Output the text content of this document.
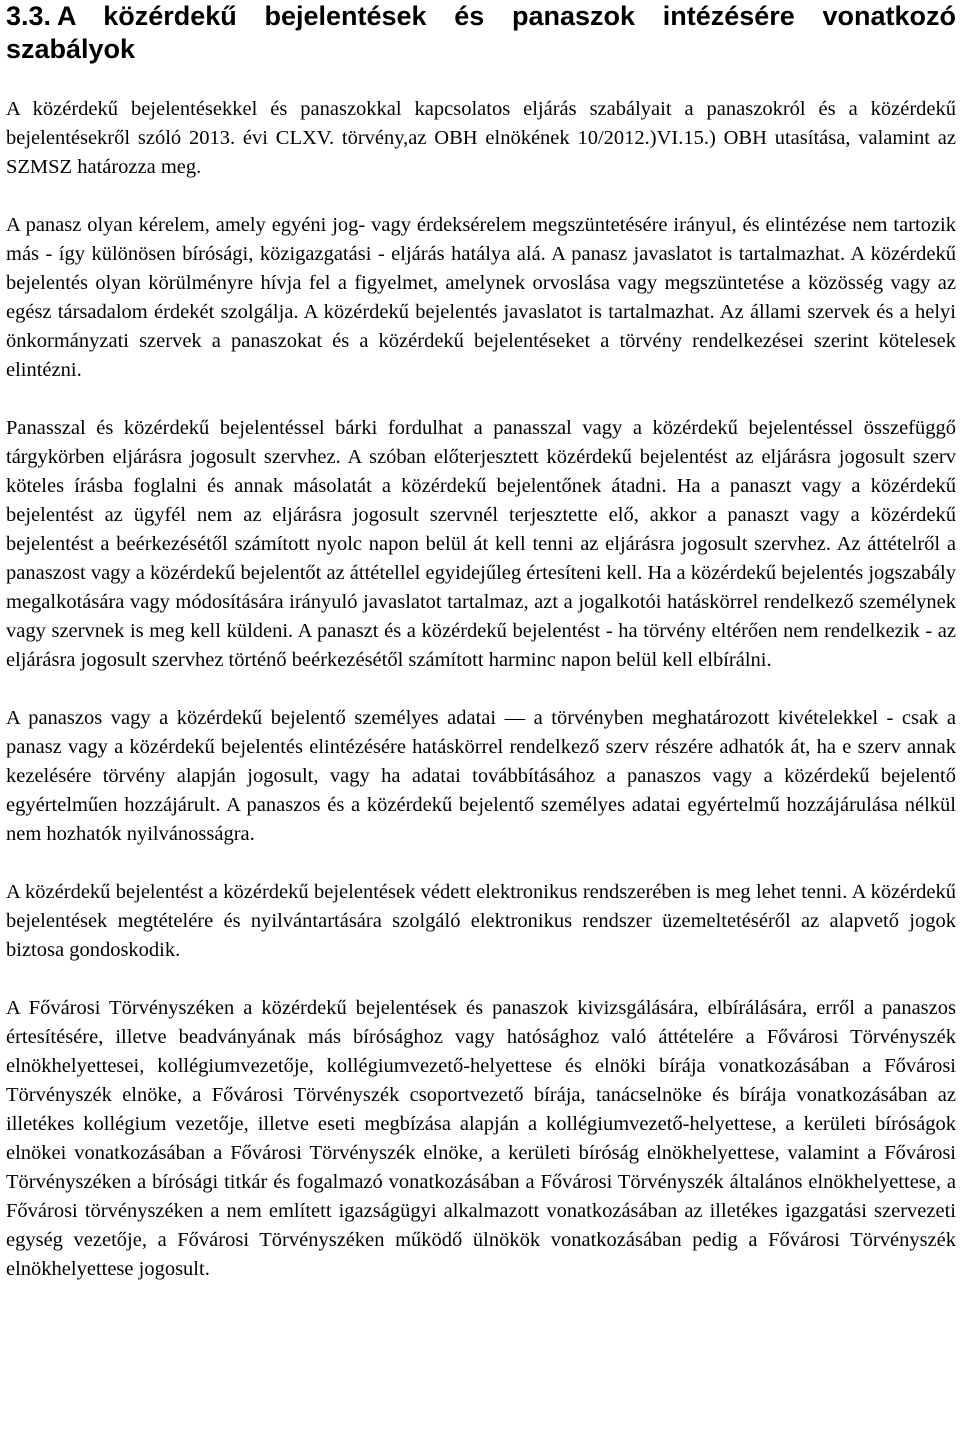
3.3. A közérdekű bejelentések és panaszok intézésére vonatkozó szabályok

A közérdekű bejelentésekkel és panaszokkal kapcsolatos eljárás szabályait a panaszokról és a közérdekű bejelentésekről szóló 2013. évi CLXV. törvény,az OBH elnökének 10/2012.)VI.15.) OBH utasítása, valamint az SZMSZ határozza meg.

A panasz olyan kérelem, amely egyéni jog- vagy érdeksérelem megszüntetésére irányul, és elintézése nem tartozik más - így különösen bírósági, közigazgatási - eljárás hatálya alá. A panasz javaslatot is tartalmazhat. A közérdekű bejelentés olyan körülményre hívja fel a figyelmet, amelynek orvoslása vagy megszüntetése a közösség vagy az egész társadalom érdekét szolgálja. A közérdekű bejelentés javaslatot is tartalmazhat. Az állami szervek és a helyi önkormányzati szervek a panaszokat és a közérdekű bejelentéseket a törvény rendelkezései szerint kötelesek elintézni.

Panasszal és közérdekű bejelentéssel bárki fordulhat a panasszal vagy a közérdekű bejelentéssel összefüggő tárgykörben eljárásra jogosult szervhez. A szóban előterjesztett közérdekű bejelentést az eljárásra jogosult szerv köteles írásba foglalni és annak másolatát a közérdekű bejelentőnek átadni. Ha a panaszt vagy a közérdekű bejelentést az ügyfél nem az eljárásra jogosult szervnél terjesztette elő, akkor a panaszt vagy a közérdekű bejelentést a beérkezésétől számított nyolc napon belül át kell tenni az eljárásra jogosult szervhez. Az áttételről a panaszost vagy a közérdekű bejelentőt az áttétellel egyidejűleg értesíteni kell. Ha a közérdekű bejelentés jogszabály megalkotására vagy módosítására irányuló javaslatot tartalmaz, azt a jogalkotói hatáskörrel rendelkező személynek vagy szervnek is meg kell küldeni. A panaszt és a közérdekű bejelentést - ha törvény eltérően nem rendelkezik - az eljárásra jogosult szervhez történő beérkezésétől számított harminc napon belül kell elbírálni.

A panaszos vagy a közérdekű bejelentő személyes adatai — a törvényben meghatározott kivételekkel - csak a panasz vagy a közérdekű bejelentés elintézésére hatáskörrel rendelkező szerv részére adhatók át, ha e szerv annak kezelésére törvény alapján jogosult, vagy ha adatai továbbításához a panaszos vagy a közérdekű bejelentő egyértelműen hozzájárult. A panaszos és a közérdekű bejelentő személyes adatai egyértelmű hozzájárulása nélkül nem hozhatók nyilvánosságra.

A közérdekű bejelentést a közérdekű bejelentések védett elektronikus rendszerében is meg lehet tenni. A közérdekű bejelentések megtételére és nyilvántartására szolgáló elektronikus rendszer üzemeltetéséről az alapvető jogok biztosa gondoskodik.

A Fővárosi Törvényszéken a közérdekű bejelentések és panaszok kivizsgálására, elbírálására, erről a panaszos értesítésére, illetve beadványának más bírósághoz vagy hatósághoz való áttételére a Fővárosi Törvényszék elnökhelyettesei, kollégiumvezetője, kollégiumvezető-helyettese és elnöki bírája vonatkozásában a Fővárosi Törvényszék elnöke, a Fővárosi Törvényszék csoportvezető bírája, tanácselnöke és bírája vonatkozásában az illetékes kollégium vezetője, illetve eseti megbízása alapján a kollégiumvezető-helyettese, a kerületi bíróságok elnökei vonatkozásában a Fővárosi Törvényszék elnöke, a kerületi bíróság elnökhelyettese, valamint a Fővárosi Törvényszéken a bírósági titkár és fogalmazó vonatkozásában a Fővárosi Törvényszék általános elnökhelyettese, a Fővárosi törvényszéken a nem említett igazságügyi alkalmazott vonatkozásában az illetékes igazgatási szervezeti egység vezetője, a Fővárosi Törvényszéken működő ülnökök vonatkozásában pedig a Fővárosi Törvényszék elnökhelyettese jogosult.
